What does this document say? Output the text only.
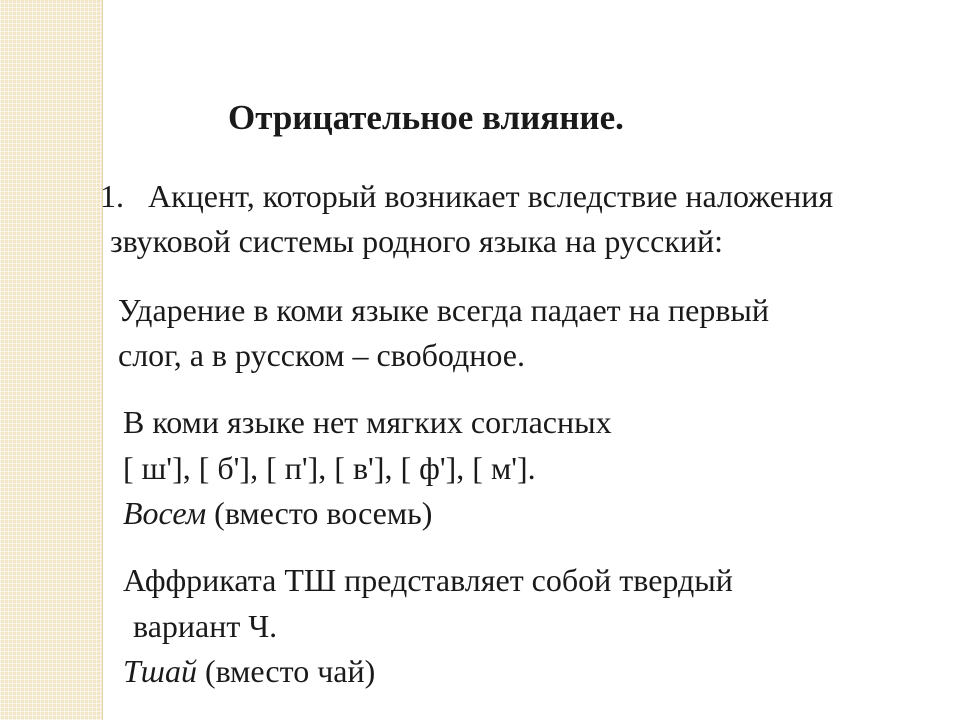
Отрицательное влияние.
1. Акцент, который возникает вследствие наложения
звуковой системы родного языка на русский:
Ударение в коми языке всегда падает на первый
слог, а в русском – свободное.
В коми языке нет мягких согласных
[ ш'], [ б'], [ п'], [ в'], [ ф'], [ м'].
Восем (вместо восемь)
Аффриката ТШ представляет собой твердый
вариант Ч.
Тшай (вместо чай)
